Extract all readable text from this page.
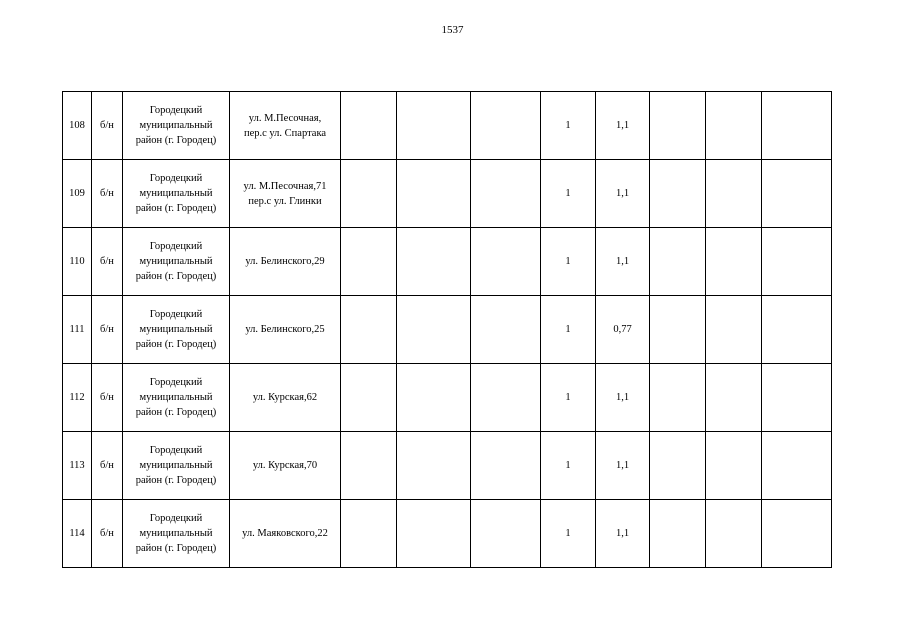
1537
108	б/н	Городецкий
муниципальный
район (г. Городец)	ул. М.Песочная,
пер.с ул. Спартака				1	1,1			

109	б/н	Городецкий
муниципальный
район (г. Городец)	ул. М.Песочная,71
пер.с ул. Глинки				1	1,1			

110	б/н	Городецкий
муниципальный
район (г. Городец)	ул. Белинского,29				1	1,1			

111	б/н	Городецкий
муниципальный
район (г. Городец)	ул. Белинского,25				1	0,77			

112	б/н	Городецкий
муниципальный
район (г. Городец)	ул. Курская,62				1	1,1			

113	б/н	Городецкий
муниципальный
район (г. Городец)	ул. Курская,70				1	1,1			

114	б/н	Городецкий
муниципальный
район (г. Городец)	ул. Маяковского,22				1	1,1			
